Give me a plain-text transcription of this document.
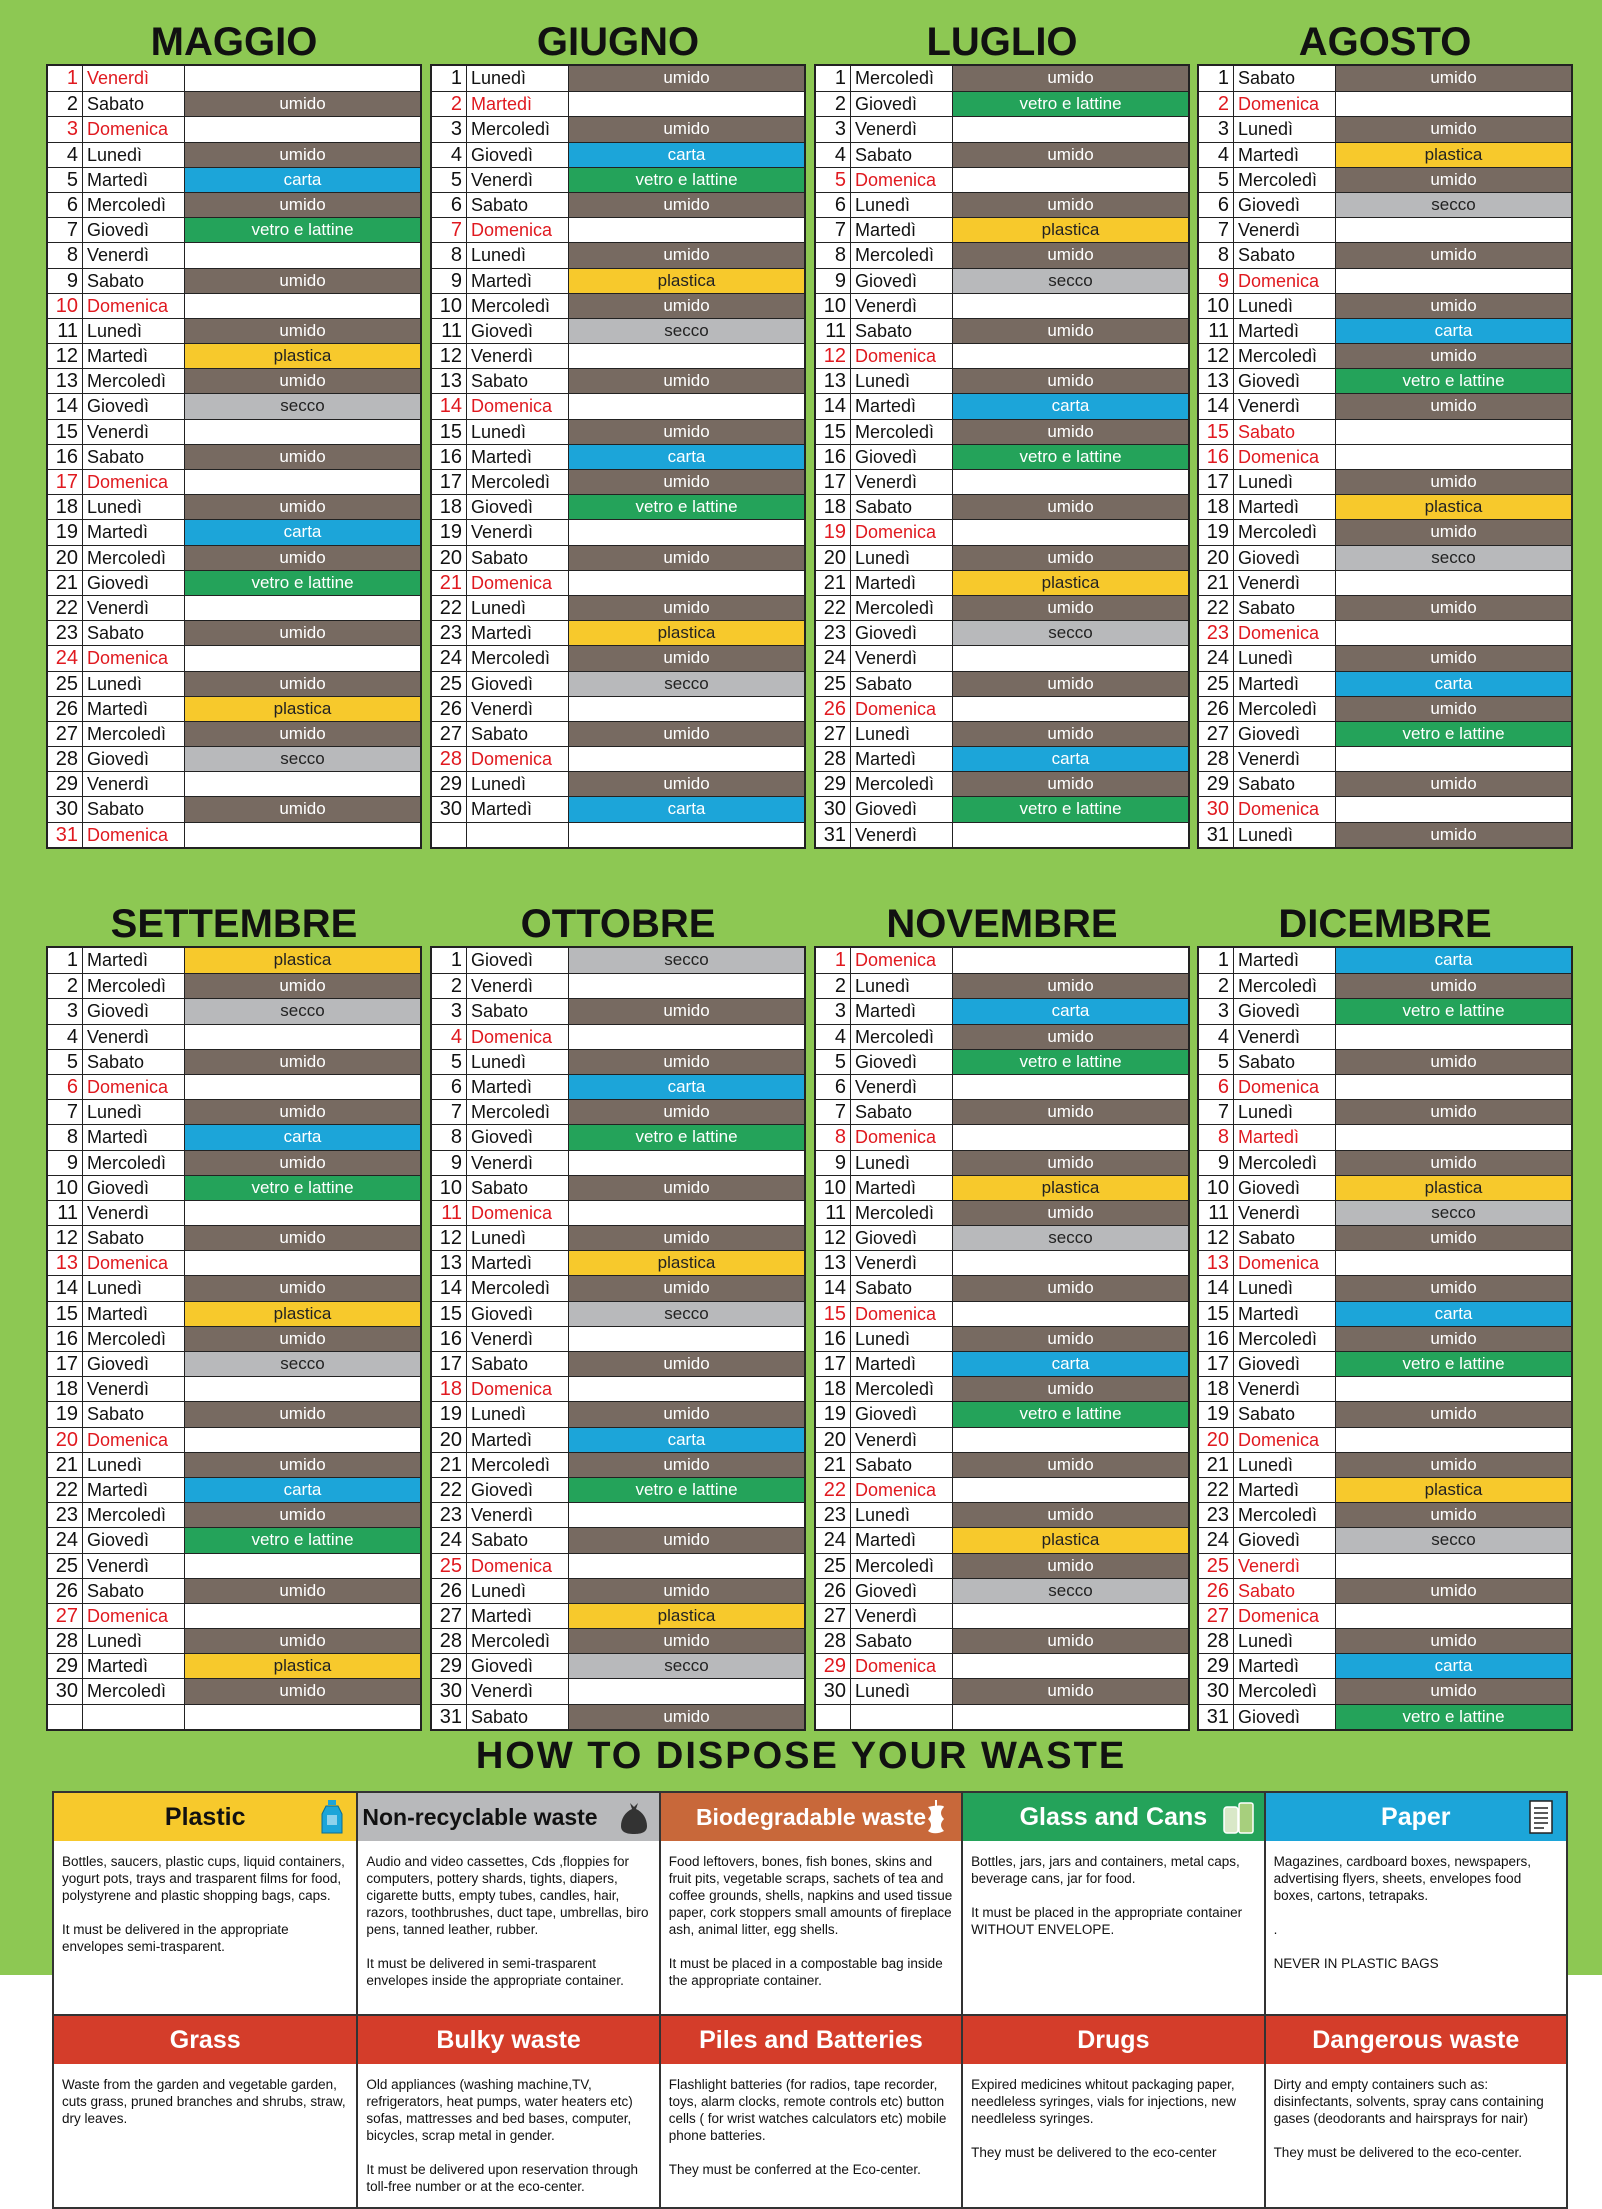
MAGGIO
1 Venerdì
2 Sabato	umido
3 Domenica
4 Lunedì	umido
5 Martedì	carta
6 Mercoledì	umido
7 Giovedì	vetro e lattine
8 Venerdì
9 Sabato	umido
10 Domenica
11 Lunedì	umido
12 Martedì	plastica
13 Mercoledì	umido
14 Giovedì	secco
15 Venerdì
16 Sabato	umido
17 Domenica
18 Lunedì	umido
19 Martedì	carta
20 Mercoledì	umido
21 Giovedì	vetro e lattine
22 Venerdì
23 Sabato	umido
24 Domenica
25 Lunedì	umido
26 Martedì	plastica
27 Mercoledì	umido
28 Giovedì	secco
29 Venerdì
30 Sabato	umido
31 Domenica
GIUGNO
1 Lunedì	umido
2 Martedì
3 Mercoledì	umido
4 Giovedì	carta
5 Venerdì	vetro e lattine
6 Sabato	umido
7 Domenica
8 Lunedì	umido
9 Martedì	plastica
10 Mercoledì	umido
11 Giovedì	secco
12 Venerdì
13 Sabato	umido
14 Domenica
15 Lunedì	umido
16 Martedì	carta
17 Mercoledì	umido
18 Giovedì	vetro e lattine
19 Venerdì
20 Sabato	umido
21 Domenica
22 Lunedì	umido
23 Martedì	plastica
24 Mercoledì	umido
25 Giovedì	secco
26 Venerdì
27 Sabato	umido
28 Domenica
29 Lunedì	umido
30 Martedì	carta
LUGLIO
1 Mercoledì	umido
2 Giovedì	vetro e lattine
3 Venerdì
4 Sabato	umido
5 Domenica
6 Lunedì	umido
7 Martedì	plastica
8 Mercoledì	umido
9 Giovedì	secco
10 Venerdì
11 Sabato	umido
12 Domenica
13 Lunedì	umido
14 Martedì	carta
15 Mercoledì	umido
16 Giovedì	vetro e lattine
17 Venerdì
18 Sabato	umido
19 Domenica
20 Lunedì	umido
21 Martedì	plastica
22 Mercoledì	umido
23 Giovedì	secco
24 Venerdì
25 Sabato	umido
26 Domenica
27 Lunedì	umido
28 Martedì	carta
29 Mercoledì	umido
30 Giovedì	vetro e lattine
31 Venerdì
AGOSTO
1 Sabato	umido
2 Domenica
3 Lunedì	umido
4 Martedì	plastica
5 Mercoledì	umido
6 Giovedì	secco
7 Venerdì
8 Sabato	umido
9 Domenica
10 Lunedì	umido
11 Martedì	carta
12 Mercoledì	umido
13 Giovedì	vetro e lattine
14 Venerdì	umido
15 Sabato
16 Domenica
17 Lunedì	umido
18 Martedì	plastica
19 Mercoledì	umido
20 Giovedì	secco
21 Venerdì
22 Sabato	umido
23 Domenica
24 Lunedì	umido
25 Martedì	carta
26 Mercoledì	umido
27 Giovedì	vetro e lattine
28 Venerdì
29 Sabato	umido
30 Domenica
31 Lunedì	umido
SETTEMBRE
1 Martedì	plastica
2 Mercoledì	umido
3 Giovedì	secco
4 Venerdì
5 Sabato	umido
6 Domenica
7 Lunedì	umido
8 Martedì	carta
9 Mercoledì	umido
10 Giovedì	vetro e lattine
11 Venerdì
12 Sabato	umido
13 Domenica
14 Lunedì	umido
15 Martedì	plastica
16 Mercoledì	umido
17 Giovedì	secco
18 Venerdì
19 Sabato	umido
20 Domenica
21 Lunedì	umido
22 Martedì	carta
23 Mercoledì	umido
24 Giovedì	vetro e lattine
25 Venerdì
26 Sabato	umido
27 Domenica
28 Lunedì	umido
29 Martedì	plastica
30 Mercoledì	umido
OTTOBRE
1 Giovedì	secco
2 Venerdì
3 Sabato	umido
4 Domenica
5 Lunedì	umido
6 Martedì	carta
7 Mercoledì	umido
8 Giovedì	vetro e lattine
9 Venerdì
10 Sabato	umido
11 Domenica
12 Lunedì	umido
13 Martedì	plastica
14 Mercoledì	umido
15 Giovedì	secco
16 Venerdì
17 Sabato	umido
18 Domenica
19 Lunedì	umido
20 Martedì	carta
21 Mercoledì	umido
22 Giovedì	vetro e lattine
23 Venerdì
24 Sabato	umido
25 Domenica
26 Lunedì	umido
27 Martedì	plastica
28 Mercoledì	umido
29 Giovedì	secco
30 Venerdì
31 Sabato	umido
NOVEMBRE
1 Domenica
2 Lunedì	umido
3 Martedì	carta
4 Mercoledì	umido
5 Giovedì	vetro e lattine
6 Venerdì
7 Sabato	umido
8 Domenica
9 Lunedì	umido
10 Martedì	plastica
11 Mercoledì	umido
12 Giovedì	secco
13 Venerdì
14 Sabato	umido
15 Domenica
16 Lunedì	umido
17 Martedì	carta
18 Mercoledì	umido
19 Giovedì	vetro e lattine
20 Venerdì
21 Sabato	umido
22 Domenica
23 Lunedì	umido
24 Martedì	plastica
25 Mercoledì	umido
26 Giovedì	secco
27 Venerdì
28 Sabato	umido
29 Domenica
30 Lunedì	umido
DICEMBRE
1 Martedì	carta
2 Mercoledì	umido
3 Giovedì	vetro e lattine
4 Venerdì
5 Sabato	umido
6 Domenica
7 Lunedì	umido
8 Martedì
9 Mercoledì	umido
10 Giovedì	plastica
11 Venerdì	secco
12 Sabato	umido
13 Domenica
14 Lunedì	umido
15 Martedì	carta
16 Mercoledì	umido
17 Giovedì	vetro e lattine
18 Venerdì
19 Sabato	umido
20 Domenica
21 Lunedì	umido
22 Martedì	plastica
23 Mercoledì	umido
24 Giovedì	secco
25 Venerdì
26 Sabato	umido
27 Domenica
28 Lunedì	umido
29 Martedì	carta
30 Mercoledì	umido
31 Giovedì	vetro e lattine
HOW TO DISPOSE YOUR WASTE
Plastic

Bottles, saucers, plastic cups, liquid containers, yogurt pots, trays and trasparent films for food, polystyrene and plastic shopping bags, caps.

It must be delivered in the appropriate envelopes semi-trasparent.

Non-recyclable waste

Audio and video cassettes, Cds ,floppies for computers, pottery shards, tights, diapers, cigarette butts, empty tubes, candles, hair, razors, toothbrushes, duct tape, umbrellas, biro pens, tanned leather, rubber.

It must be delivered in semi-trasparent envelopes inside the appropriate container.

Biodegradable waste

Food leftovers, bones, fish bones, skins and fruit pits, vegetable scraps, sachets of tea and coffee grounds, shells, napkins and used tissue paper, cork stoppers small amounts of fireplace ash, animal litter, egg shells.

It must be placed in a compostable bag inside the appropriate container.

Glass and Cans

Bottles, jars, jars and containers, metal caps, beverage cans, jar for food.

It must be placed in the appropriate container WITHOUT ENVELOPE.

Paper

Magazines, cardboard boxes, newspapers, advertising flyers, sheets, envelopes food boxes, cartons, tetrapaks.

.

NEVER IN PLASTIC BAGS

Grass

Waste from the garden and vegetable garden, cuts grass, pruned branches and shrubs, straw, dry leaves.

Bulky waste

Old appliances (washing machine,TV, refrigerators, heat pumps, water heaters etc) sofas, mattresses and bed bases, computer, bicycles, scrap metal in gender.

It must be delivered upon reservation through toll-free number or at the eco-center.

Piles and Batteries

Flashlight batteries (for radios, tape recorder, toys, alarm clocks, remote controls etc) button cells ( for wrist watches calculators etc) mobile phone batteries.

They must be conferred at the Eco-center.

Drugs

Expired medicines whitout packaging paper, needleless syringes, vials for injections, new needleless syringes.

They must be delivered to the eco-center

Dangerous waste

Dirty and empty containers such as: disinfectants, solvents, spray cans containing gases (deodorants and hairsprays for nair)

They must be delivered to the eco-center.
